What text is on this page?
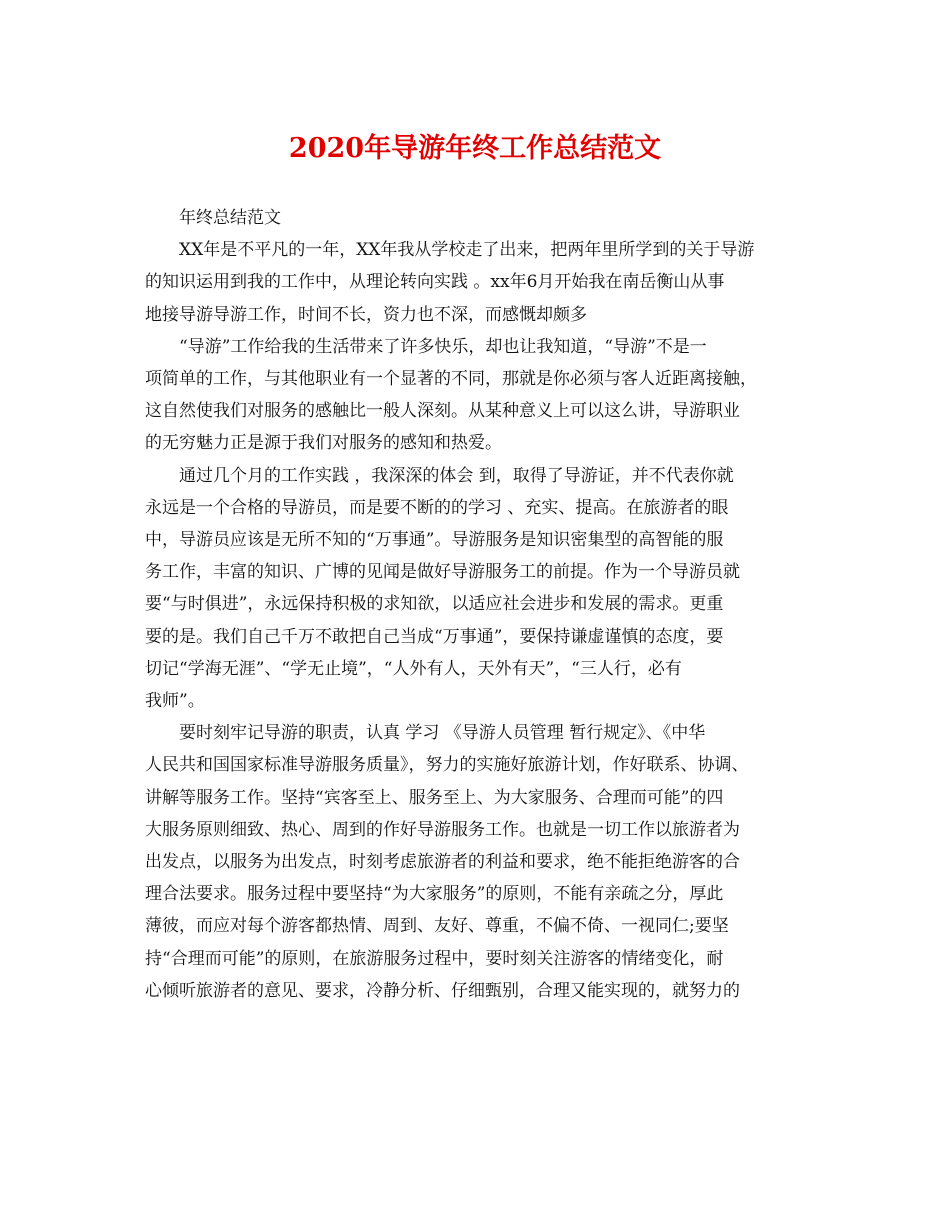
2020年导游年终工作总结范文
年终总结范文
XX年是不平凡的一年，XX年我从学校走了出来，把两年里所学到的关于导游
的知识运用到我的工作中，从理论转向实践 。xx年6月开始我在南岳衡山从事
地接导游导游工作，时间不长，资力也不深，而感慨却颇多
“导游”工作给我的生活带来了许多快乐，却也让我知道，“导游”不是一
项简单的工作，与其他职业有一个显著的不同，那就是你必须与客人近距离接触，
这自然使我们对服务的感触比一般人深刻。从某种意义上可以这么讲，导游职业
的无穷魅力正是源于我们对服务的感知和热爱。
通过几个月的工作实践 ，我深深的体会 到，取得了导游证，并不代表你就
永远是一个合格的导游员，而是要不断的的学习 、充实、提高。在旅游者的眼
中，导游员应该是无所不知的“万事通”。导游服务是知识密集型的高智能的服
务工作，丰富的知识、广博的见闻是做好导游服务工的前提。作为一个导游员就
要“与时俱进”，永远保持积极的求知欲，以适应社会进步和发展的需求。更重
要的是。我们自己千万不敢把自己当成“万事通”，要保持谦虚谨慎的态度，要
切记“学海无涯”、“学无止境”，“人外有人，天外有天”，“三人行，必有
我师”。
要时刻牢记导游的职责，认真 学习 《导游人员管理 暂行规定》、《中华
人民共和国国家标准导游服务质量》，努力的实施好旅游计划，作好联系、协调、
讲解等服务工作。坚持“宾客至上、服务至上、为大家服务、合理而可能”的四
大服务原则细致、热心、周到的作好导游服务工作。也就是一切工作以旅游者为
出发点，以服务为出发点，时刻考虑旅游者的利益和要求，绝不能拒绝游客的合
理合法要求。服务过程中要坚持“为大家服务”的原则，不能有亲疏之分，厚此
薄彼，而应对每个游客都热情、周到、友好、尊重，不偏不倚、一视同仁;要坚
持“合理而可能”的原则，在旅游服务过程中，要时刻关注游客的情绪变化，耐
心倾听旅游者的意见、要求，冷静分析、仔细甄别，合理又能实现的，就努力的
